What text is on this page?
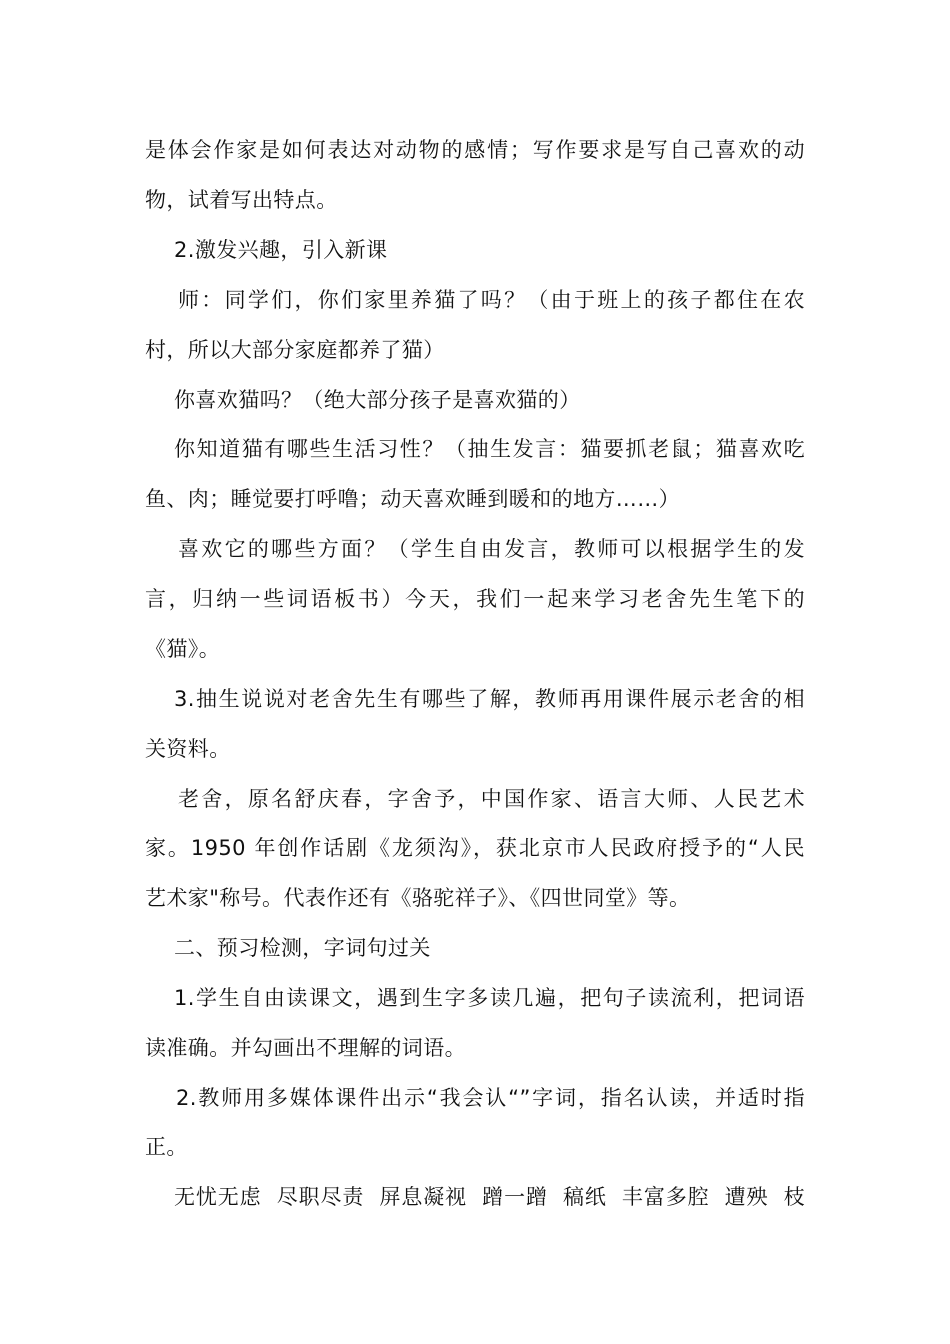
是体会作家是如何表达对动物的感情；写作要求是写自己喜欢的动
物，试着写出特点。
2.激发兴趣，引入新课
师：同学们，你们家里养猫了吗？（由于班上的孩子都住在农
村，所以大部分家庭都养了猫）
你喜欢猫吗？（绝大部分孩子是喜欢猫的）
你知道猫有哪些生活习性？（抽生发言：猫要抓老鼠；猫喜欢吃
鱼、肉；睡觉要打呼噜；动天喜欢睡到暖和的地方……）
喜欢它的哪些方面？（学生自由发言，教师可以根据学生的发
言，归纳一些词语板书）今天，我们一起来学习老舍先生笔下的
《猫》。
3.抽生说说对老舍先生有哪些了解，教师再用课件展示老舍的相
关资料。
老舍，原名舒庆春，字舍予，中国作家、语言大师、人民艺术
家。1950 年创作话剧《龙须沟》，获北京市人民政府授予的“人民
艺术家"称号。代表作还有《骆驼祥子》、《四世同堂》等。
二、预习检测，字词句过关
1.学生自由读课文，遇到生字多读几遍，把句子读流利，把词语
读准确。并勾画出不理解的词语。
2.教师用多媒体课件出示“我会认“”字词，指名认读，并适时指
正。
无忧无虑  尽职尽责  屏息凝视  蹭一蹭  稿纸  丰富多腔  遭殃  枝
